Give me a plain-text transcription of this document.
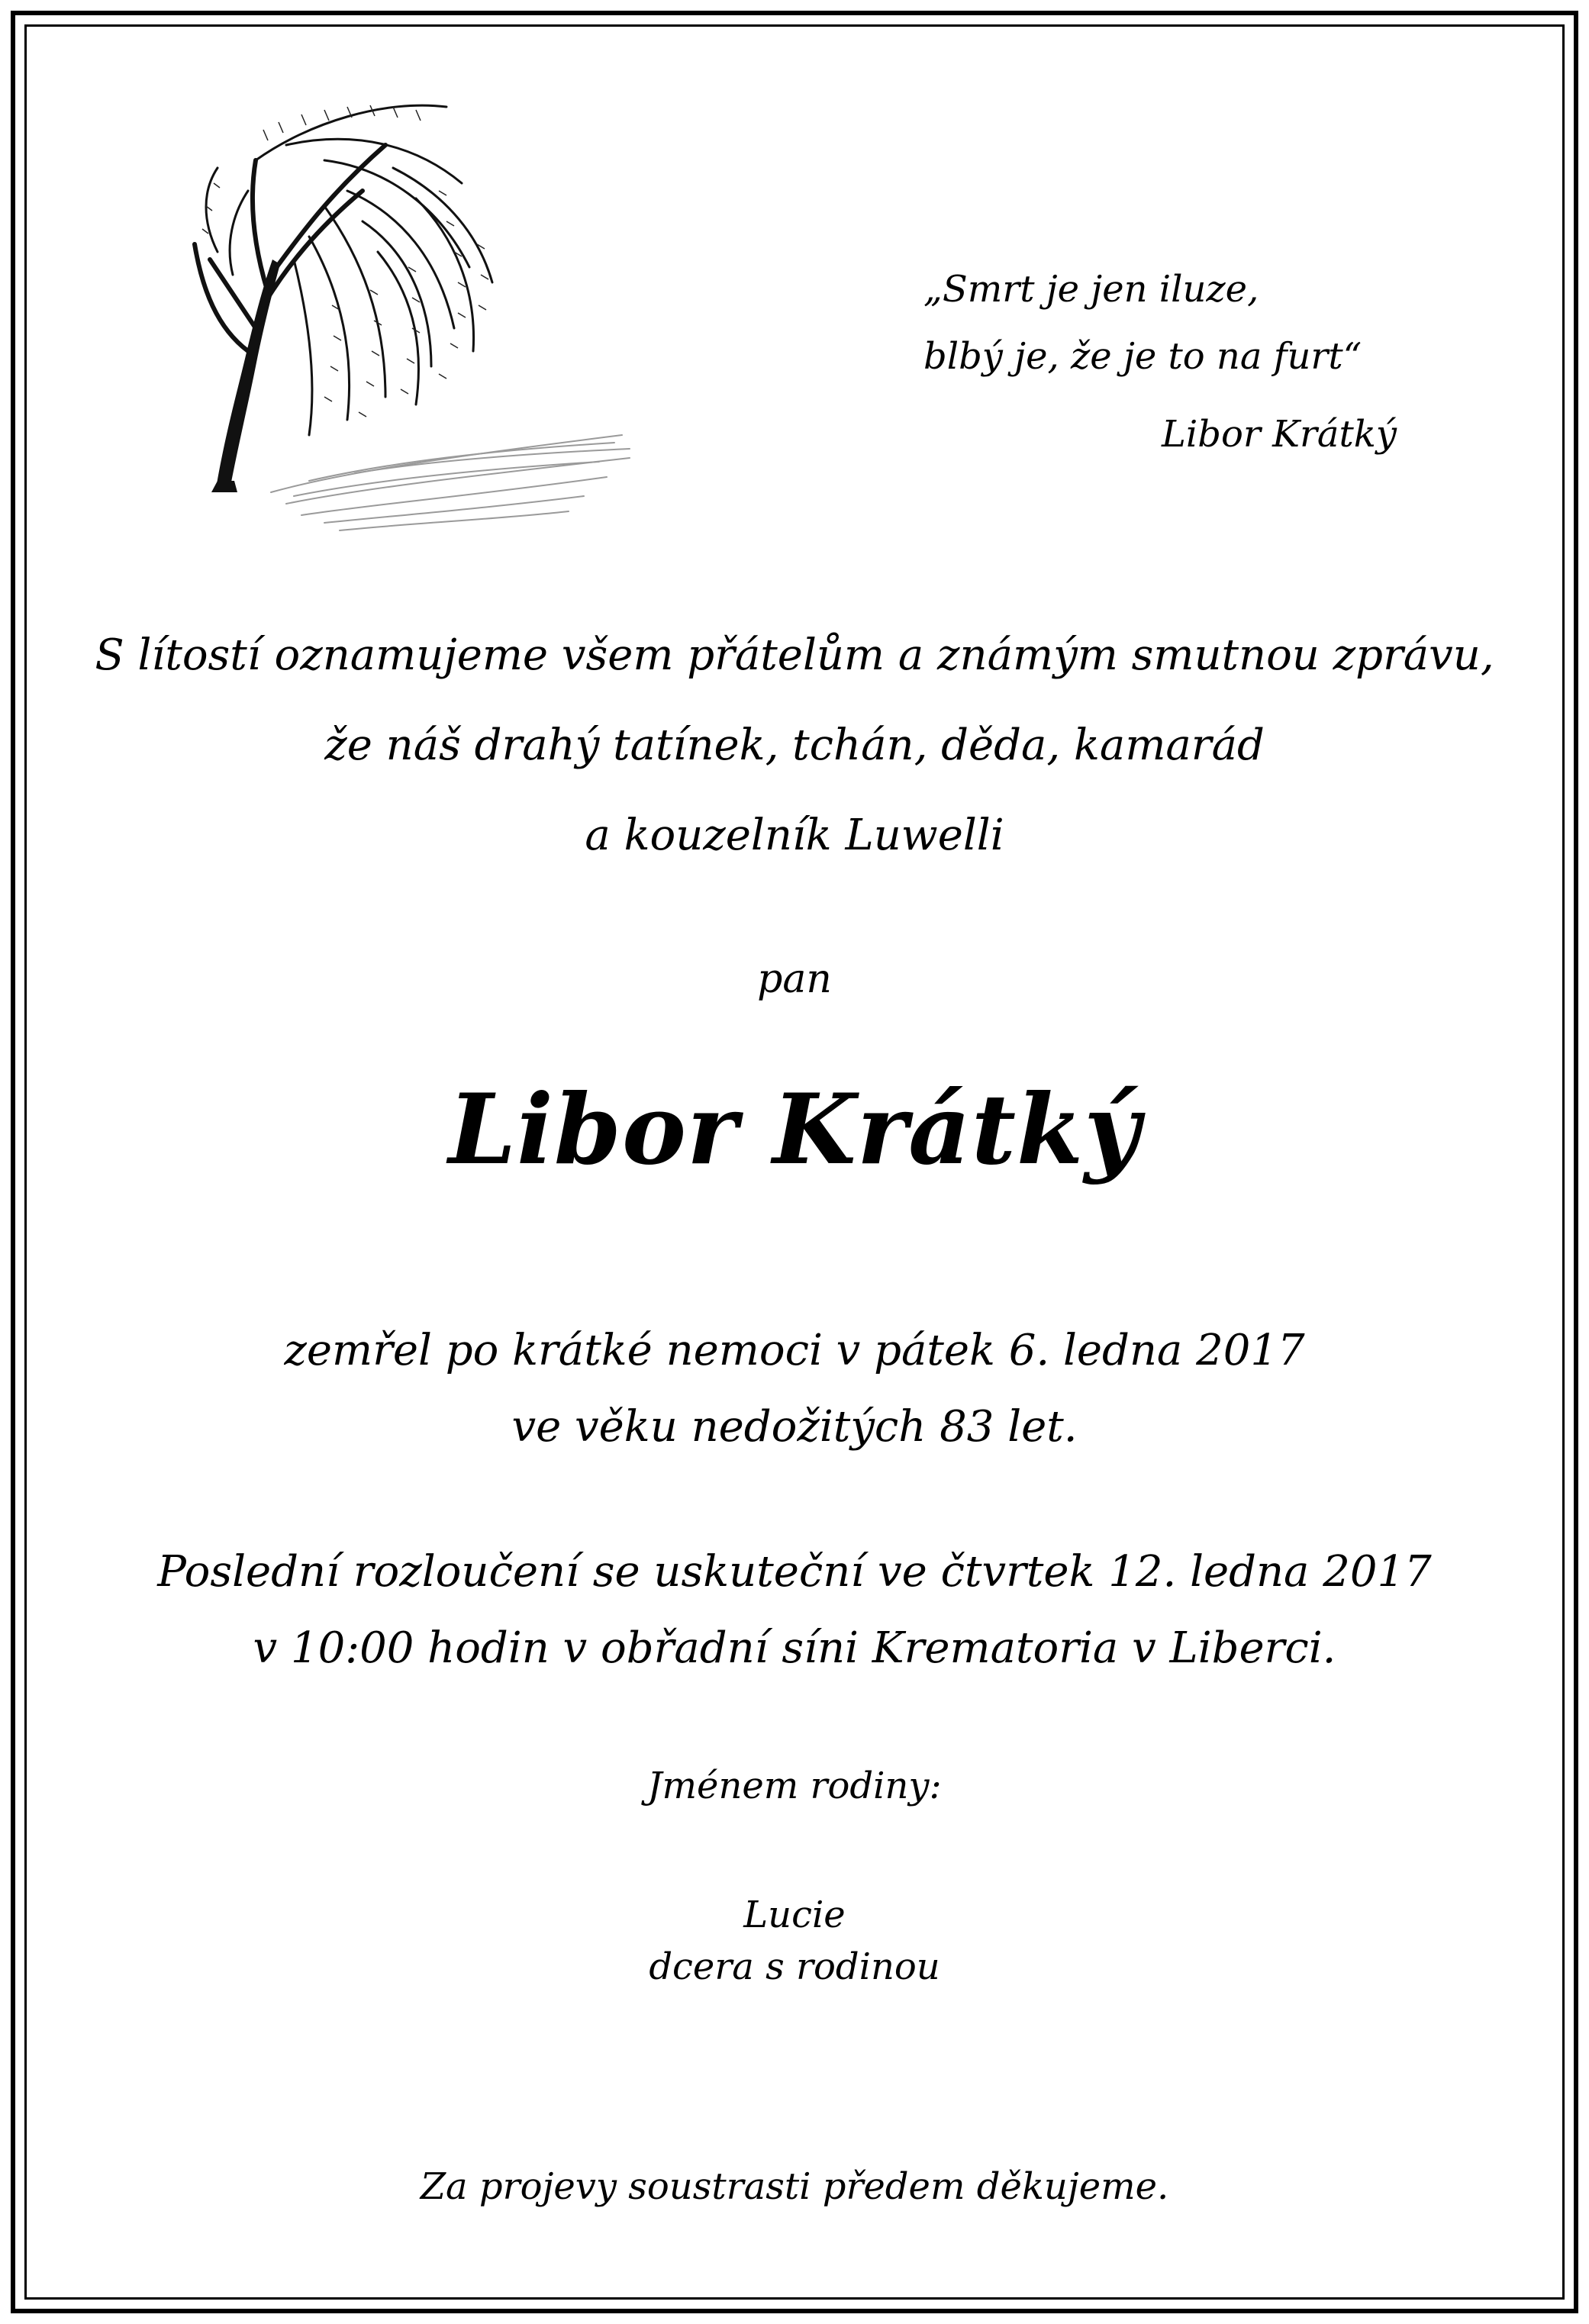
„Smrt je jen iluze,
blbý je, že je to na furt“
Libor Krátký
S lítostí oznamujeme všem přátelům a známým smutnou zprávu,
že náš drahý tatínek, tchán, děda, kamarád
a kouzelník Luwelli
pan
Libor Krátký
zemřel po krátké nemoci v pátek 6. ledna 2017
ve věku nedožitých 83 let.
Poslední rozloučení se uskuteční ve čtvrtek 12. ledna 2017
v 10:00 hodin v obřadní síni Krematoria v Liberci.
Jménem rodiny:
Lucie
dcera s rodinou
Za projevy soustrasti předem děkujeme.
